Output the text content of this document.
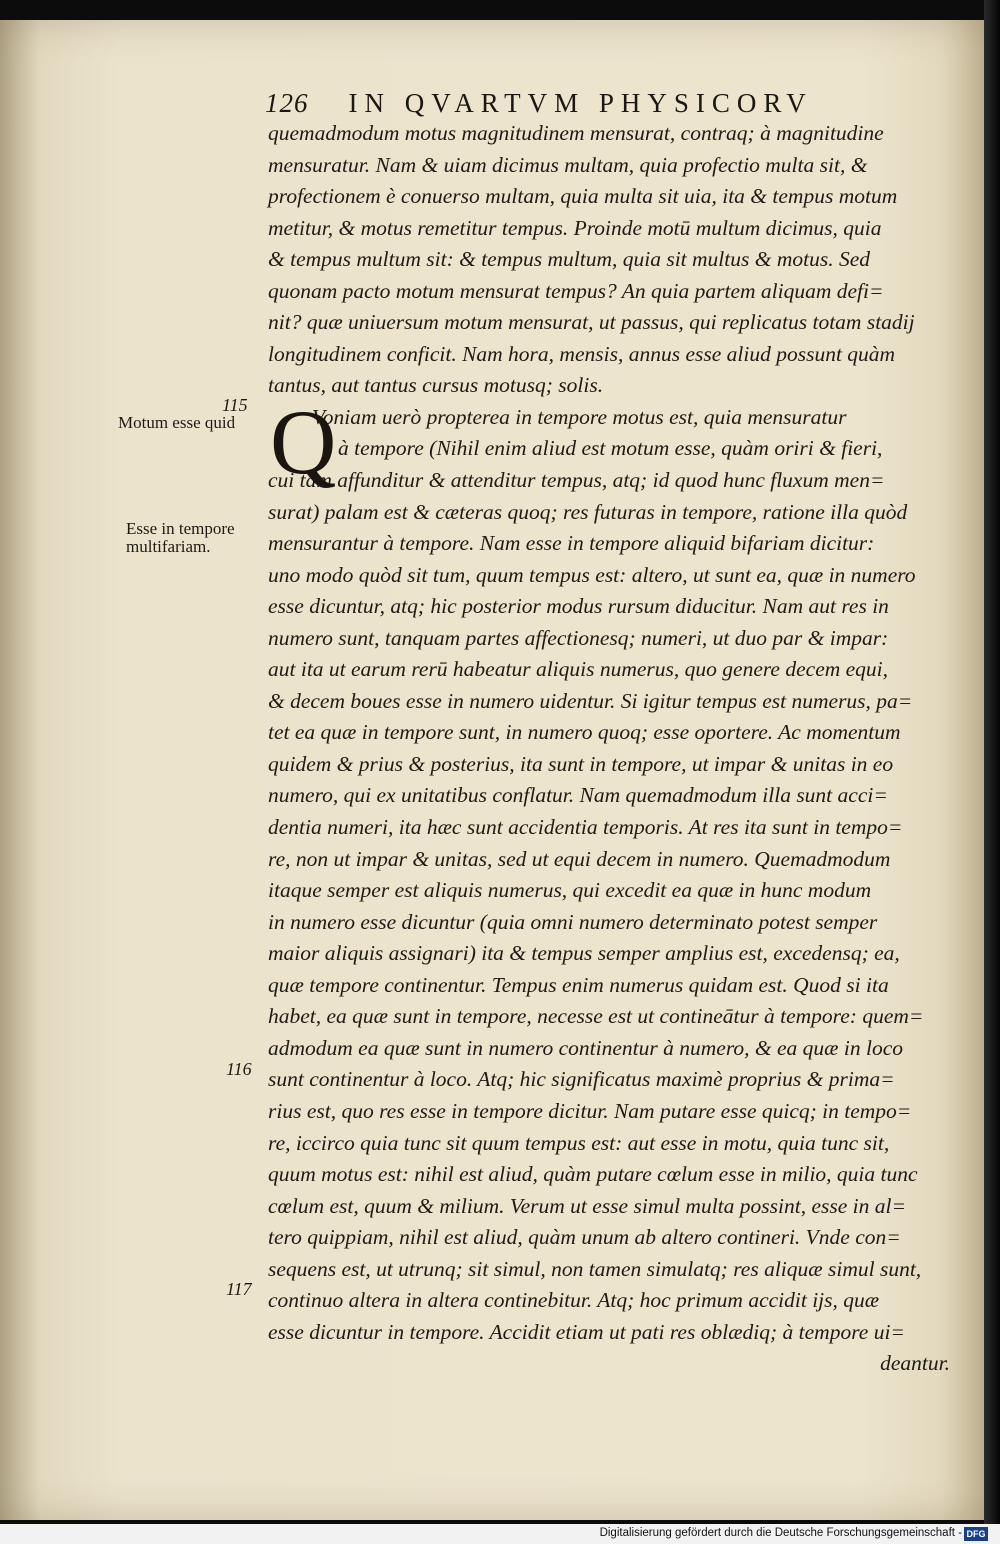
126 IN QVARTVM PHYSICORV
quemadmodum motus magnitudinem mensurat, contraq; à magnitudine
mensuratur. Nam & uiam dicimus multam, quia profectio multa sit, &
profectionem è conuerso multam, quia multa sit uia, ita & tempus motum
metitur, & motus remetitur tempus. Proinde motū multum dicimus, quia
& tempus multum sit: & tempus multum, quia sit multus & motus. Sed
quonam pacto motum mensurat tempus? An quia partem aliquam defi=
nit? quæ uniuersum motum mensurat, ut passus, qui replicatus totam stadij
longitudinem conficit. Nam hora, mensis, annus esse aliud possunt quàm
tantus, aut tantus cursus motusq; solis.
Voniam uerò propterea in tempore motus est, quia mensuratur
à tempore (Nihil enim aliud est motum esse, quàm oriri & fieri,
cui tam affunditur & attenditur tempus, atq; id quod hunc fluxum men=
surat) palam est & cæteras quoq; res futuras in tempore, ratione illa quòd
mensurantur à tempore. Nam esse in tempore aliquid bifariam dicitur:
uno modo quòd sit tum, quum tempus est: altero, ut sunt ea, quæ in numero
esse dicuntur, atq; hic posterior modus rursum diducitur. Nam aut res in
numero sunt, tanquam partes affectionesq; numeri, ut duo par & impar:
aut ita ut earum rerū habeatur aliquis numerus, quo genere decem equi,
& decem boues esse in numero uidentur. Si igitur tempus est numerus, pa=
tet ea quæ in tempore sunt, in numero quoq; esse oportere. Ac momentum
quidem & prius & posterius, ita sunt in tempore, ut impar & unitas in eo
numero, qui ex unitatibus conflatur. Nam quemadmodum illa sunt acci=
dentia numeri, ita hæc sunt accidentia temporis. At res ita sunt in tempo=
re, non ut impar & unitas, sed ut equi decem in numero. Quemadmodum
itaque semper est aliquis numerus, qui excedit ea quæ in hunc modum
in numero esse dicuntur (quia omni numero determinato potest semper
maior aliquis assignari) ita & tempus semper amplius est, excedensq; ea,
quæ tempore continentur. Tempus enim numerus quidam est. Quod si ita
habet, ea quæ sunt in tempore, necesse est ut contineātur à tempore: quem=
admodum ea quæ sunt in numero continentur à numero, & ea quæ in loco
sunt continentur à loco. Atq; hic significatus maximè proprius & prima=
rius est, quo res esse in tempore dicitur. Nam putare esse quicq; in tempo=
re, iccirco quia tunc sit quum tempus est: aut esse in motu, quia tunc sit,
quum motus est: nihil est aliud, quàm putare cœlum esse in milio, quia tunc
cœlum est, quum & milium. Verum ut esse simul multa possint, esse in al=
tero quippiam, nihil est aliud, quàm unum ab altero contineri. Vnde con=
sequens est, ut utrunq; sit simul, non tamen simulatq; res aliquæ simul sunt,
continuo altera in altera continebitur. Atq; hoc primum accidit ijs, quæ
esse dicuntur in tempore. Accidit etiam ut pati res oblædiq; à tempore ui=
deantur.
Q
115
Motum esse quid
Esse in tempore
multifariam.
116
117
Digitalisierung gefördert durch die Deutsche Forschungsgemeinschaft - DFG
